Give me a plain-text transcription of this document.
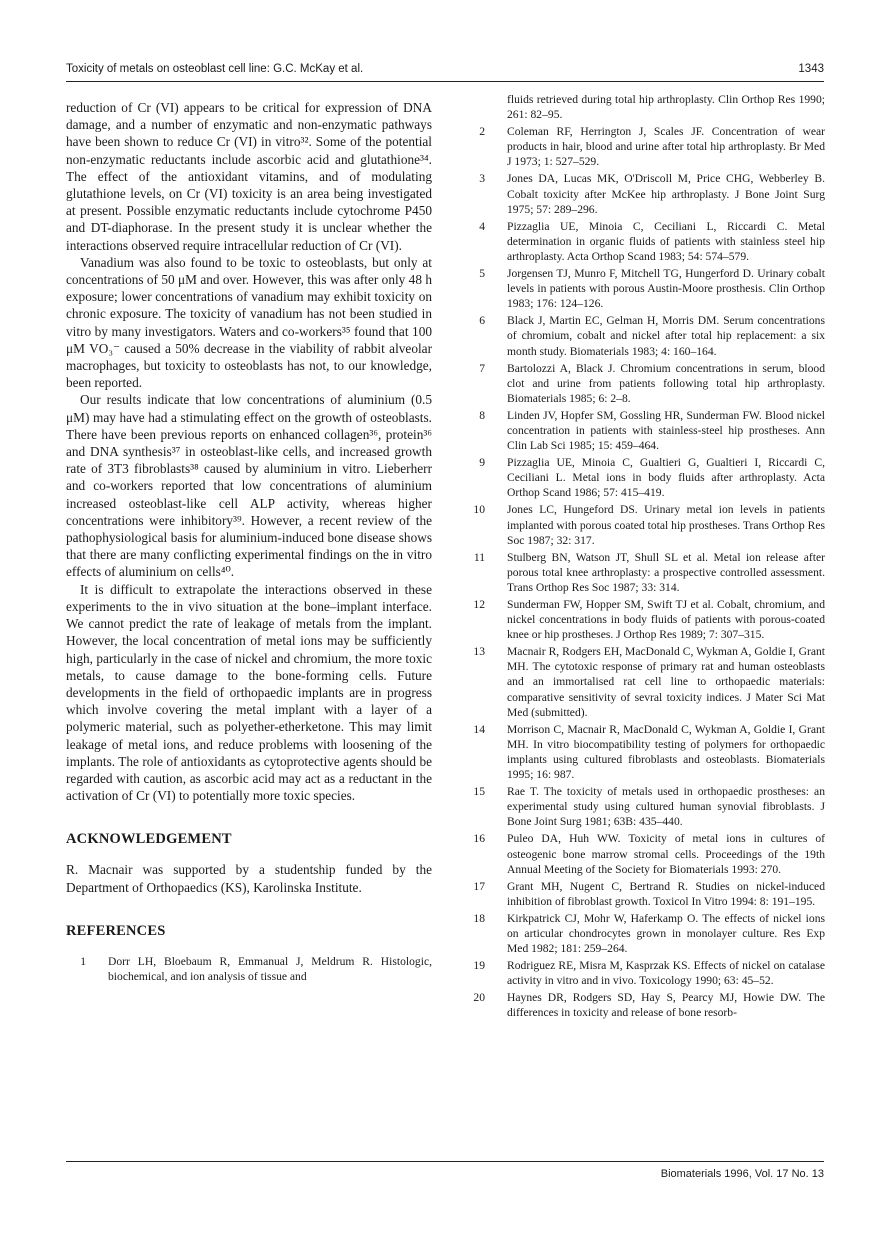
Toxicity of metals on osteoblast cell line: G.C. McKay et al.	1343

reduction of Cr (VI) appears to be critical for expression of DNA damage, and a number of enzymatic and non-enzymatic pathways have been shown to reduce Cr (VI) in vitro³². Some of the potential non-enzymatic reductants include ascorbic acid and glutathione³⁴. The effect of the antioxidant vitamins, and of modulating glutathione levels, on Cr (VI) toxicity is an area being investigated at present. Possible enzymatic reductants include cytochrome P450 and DT-diaphorase. In the present study it is unclear whether the interactions observed require intracellular reduction of Cr (VI).

Vanadium was also found to be toxic to osteoblasts, but only at concentrations of 50 μM and over. However, this was after only 48 h exposure; lower concentrations of vanadium may exhibit toxicity on chronic exposure. The toxicity of vanadium has not been studied in vitro by many investigators. Waters and co-workers³⁵ found that 100 μM VO₃⁻ caused a 50% decrease in the viability of rabbit alveolar macrophages, but toxicity to osteoblasts has not, to our knowledge, been reported.

Our results indicate that low concentrations of aluminium (0.5 μM) may have had a stimulating effect on the growth of osteoblasts. There have been previous reports on enhanced collagen³⁶, protein³⁶ and DNA synthesis³⁷ in osteoblast-like cells, and increased growth rate of 3T3 fibroblasts³⁸ caused by aluminium in vitro. Lieberherr and co-workers reported that low concentrations of aluminium increased osteoblast-like cell ALP activity, whereas higher concentrations were inhibitory³⁹. However, a recent review of the pathophysiological basis for aluminium-induced bone disease shows that there are many conflicting experimental findings on the in vitro effects of aluminium on cells⁴⁰.

It is difficult to extrapolate the interactions observed in these experiments to the in vivo situation at the bone–implant interface. We cannot predict the rate of leakage of metals from the implant. However, the local concentration of metal ions may be sufficiently high, particularly in the case of nickel and chromium, the more toxic metals, to cause damage to the bone-forming cells. Future developments in the field of orthopaedic implants are in progress which involve covering the metal implant with a layer of a polymeric material, such as polyether-etherketone. This may limit leakage of metal ions, and reduce problems with loosening of the implants. The role of antioxidants as cytoprotective agents should be regarded with caution, as ascorbic acid may act as a reductant in the activation of Cr (VI) to potentially more toxic species.

ACKNOWLEDGEMENT

R. Macnair was supported by a studentship funded by the Department of Orthopaedics (KS), Karolinska Institute.

REFERENCES
1 Dorr LH, Bloebaum R, Emmanual J, Meldrum R. Histologic, biochemical, and ion analysis of tissue and
fluids retrieved during total hip arthroplasty. Clin Orthop Res 1990; 261: 82–95.
2 Coleman RF, Herrington J, Scales JF. Concentration of wear products in hair, blood and urine after total hip arthroplasty. Br Med J 1973; 1: 527–529.
3 Jones DA, Lucas MK, O'Driscoll M, Price CHG, Webberley B. Cobalt toxicity after McKee hip arthroplasty. J Bone Joint Surg 1975; 57: 289–296.
4 Pizzaglia UE, Minoia C, Ceciliani L, Riccardi C. Metal determination in organic fluids of patients with stainless steel hip arthroplasty. Acta Orthop Scand 1983; 54: 574–579.
5 Jorgensen TJ, Munro F, Mitchell TG, Hungerford D. Urinary cobalt levels in patients with porous Austin-Moore prosthesis. Clin Orthop 1983; 176: 124–126.
6 Black J, Martin EC, Gelman H, Morris DM. Serum concentrations of chromium, cobalt and nickel after total hip replacement: a six month study. Biomaterials 1983; 4: 160–164.
7 Bartolozzi A, Black J. Chromium concentrations in serum, blood clot and urine from patients following total hip arthroplasty. Biomaterials 1985; 6: 2–8.
8 Linden JV, Hopfer SM, Gossling HR, Sunderman FW. Blood nickel concentration in patients with stainless-steel hip prostheses. Ann Clin Lab Sci 1985; 15: 459–464.
9 Pizzaglia UE, Minoia C, Gualtieri G, Gualtieri I, Riccardi C, Ceciliani L. Metal ions in body fluids after arthroplasty. Acta Orthop Scand 1986; 57: 415–419.
10 Jones LC, Hungeford DS. Urinary metal ion levels in patients implanted with porous coated total hip prostheses. Trans Orthop Res Soc 1987; 32: 317.
11 Stulberg BN, Watson JT, Shull SL et al. Metal ion release after porous total knee arthroplasty: a prospective controlled assessment. Trans Orthop Res Soc 1987; 33: 314.
12 Sunderman FW, Hopper SM, Swift TJ et al. Cobalt, chromium, and nickel concentrations in body fluids of patients with porous-coated knee or hip prostheses. J Orthop Res 1989; 7: 307–315.
13 Macnair R, Rodgers EH, MacDonald C, Wykman A, Goldie I, Grant MH. The cytotoxic response of primary rat and human osteoblasts and an immortalised rat cell line to orthopaedic materials: comparative sensitivity of sevral toxicity indices. J Mater Sci Mat Med (submitted).
14 Morrison C, Macnair R, MacDonald C, Wykman A, Goldie I, Grant MH. In vitro biocompatibility testing of polymers for orthopaedic implants using cultured fibroblasts and osteoblasts. Biomaterials 1995; 16: 987.
15 Rae T. The toxicity of metals used in orthopaedic prostheses: an experimental study using cultured human synovial fibroblasts. J Bone Joint Surg 1981; 63B: 435–440.
16 Puleo DA, Huh WW. Toxicity of metal ions in cultures of osteogenic bone marrow stromal cells. Proceedings of the 19th Annual Meeting of the Society for Biomaterials 1993: 270.
17 Grant MH, Nugent C, Bertrand R. Studies on nickel-induced inhibition of fibroblast growth. Toxicol In Vitro 1994: 8: 191–195.
18 Kirkpatrick CJ, Mohr W, Haferkamp O. The effects of nickel ions on articular chondrocytes grown in monolayer culture. Res Exp Med 1982; 181: 259–264.
19 Rodriguez RE, Misra M, Kasprzak KS. Effects of nickel on catalase activity in vitro and in vivo. Toxicology 1990; 63: 45–52.
20 Haynes DR, Rodgers SD, Hay S, Pearcy MJ, Howie DW. The differences in toxicity and release of bone resorb-
Biomaterials 1996, Vol. 17 No. 13
